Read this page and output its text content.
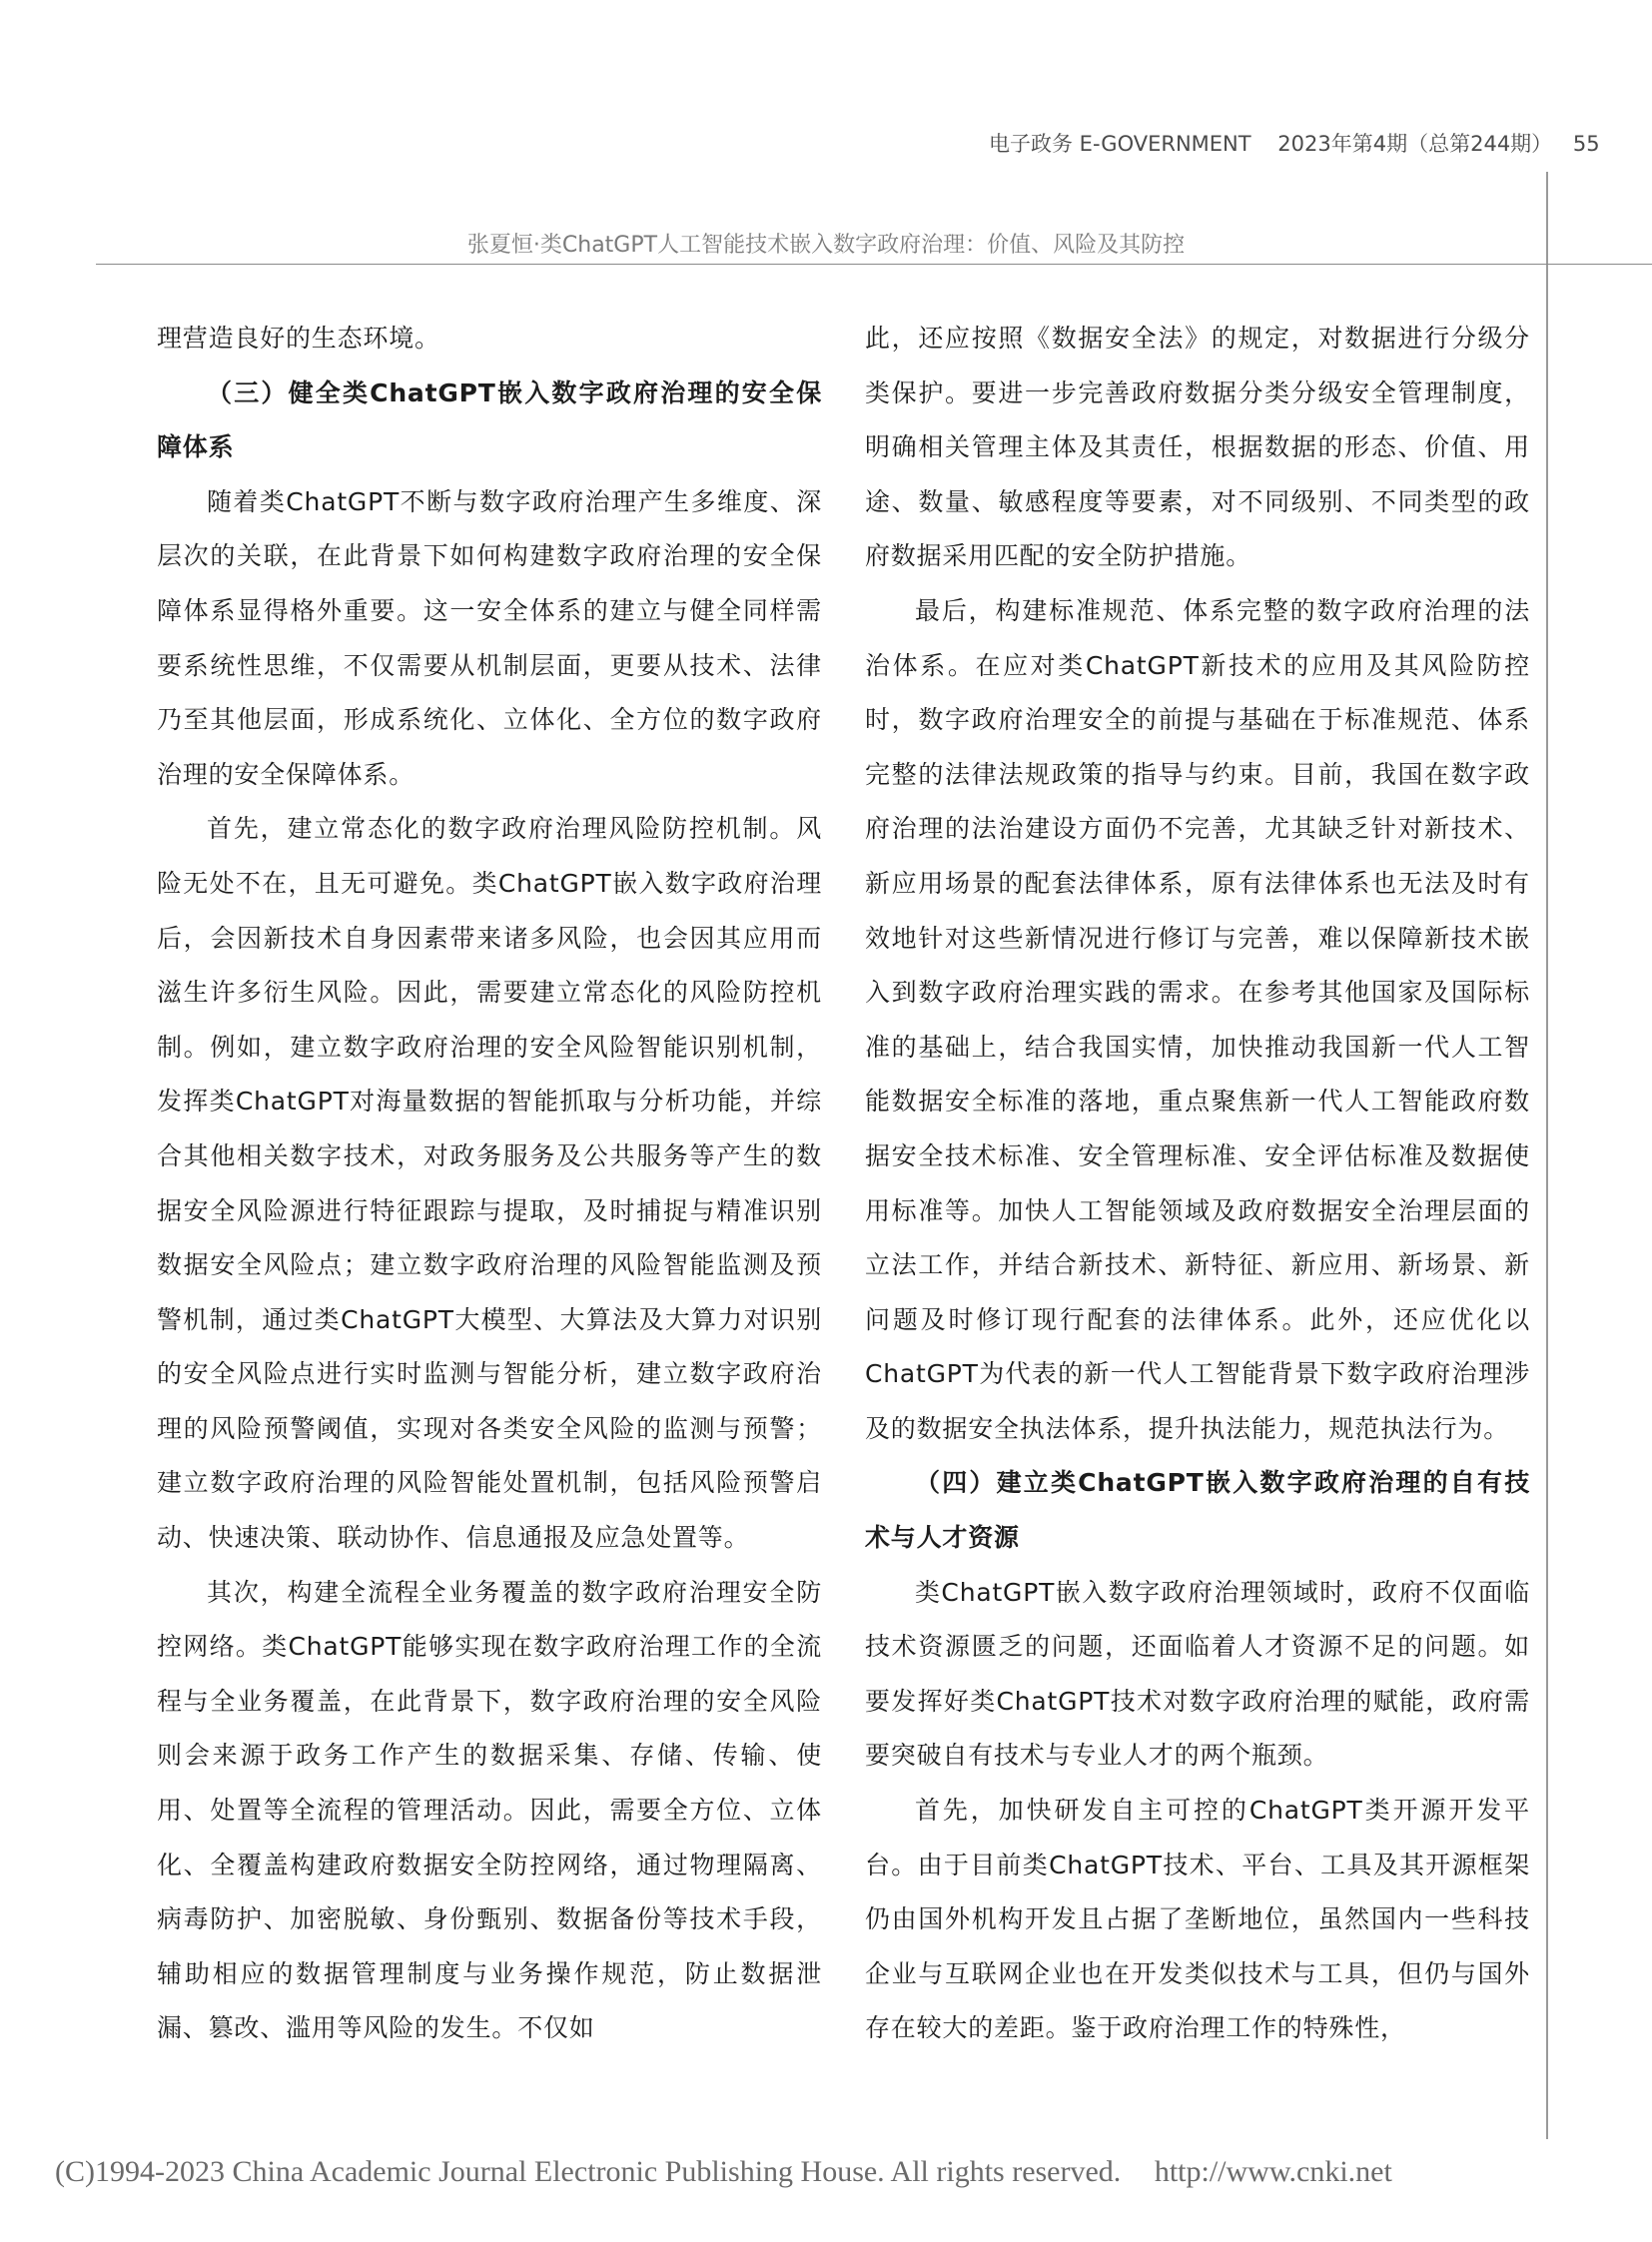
电子政务 E-GOVERNMENT 2023年第4期（总第244期） 55
张夏恒·类ChatGPT人工智能技术嵌入数字政府治理：价值、风险及其防控

理营造良好的生态环境。

（三）健全类ChatGPT嵌入数字政府治理的安全保障体系

随着类ChatGPT不断与数字政府治理产生多维度、深层次的关联，在此背景下如何构建数字政府治理的安全保障体系显得格外重要。这一安全体系的建立与健全同样需要系统性思维，不仅需要从机制层面，更要从技术、法律乃至其他层面，形成系统化、立体化、全方位的数字政府治理的安全保障体系。

首先，建立常态化的数字政府治理风险防控机制。风险无处不在，且无可避免。类ChatGPT嵌入数字政府治理后，会因新技术自身因素带来诸多风险，也会因其应用而滋生许多衍生风险。因此，需要建立常态化的风险防控机制。例如，建立数字政府治理的安全风险智能识别机制，发挥类ChatGPT对海量数据的智能抓取与分析功能，并综合其他相关数字技术，对政务服务及公共服务等产生的数据安全风险源进行特征跟踪与提取，及时捕捉与精准识别数据安全风险点；建立数字政府治理的风险智能监测及预警机制，通过类ChatGPT大模型、大算法及大算力对识别的安全风险点进行实时监测与智能分析，建立数字政府治理的风险预警阈值，实现对各类安全风险的监测与预警；建立数字政府治理的风险智能处置机制，包括风险预警启动、快速决策、联动协作、信息通报及应急处置等。

其次，构建全流程全业务覆盖的数字政府治理安全防控网络。类ChatGPT能够实现在数字政府治理工作的全流程与全业务覆盖，在此背景下，数字政府治理的安全风险则会来源于政务工作产生的数据采集、存储、传输、使用、处置等全流程的管理活动。因此，需要全方位、立体化、全覆盖构建政府数据安全防控网络，通过物理隔离、病毒防护、加密脱敏、身份甄别、数据备份等技术手段，辅助相应的数据管理制度与业务操作规范，防止数据泄漏、篡改、滥用等风险的发生。不仅如

此，还应按照《数据安全法》的规定，对数据进行分级分类保护。要进一步完善政府数据分类分级安全管理制度，明确相关管理主体及其责任，根据数据的形态、价值、用途、数量、敏感程度等要素，对不同级别、不同类型的政府数据采用匹配的安全防护措施。

最后，构建标准规范、体系完整的数字政府治理的法治体系。在应对类ChatGPT新技术的应用及其风险防控时，数字政府治理安全的前提与基础在于标准规范、体系完整的法律法规政策的指导与约束。目前，我国在数字政府治理的法治建设方面仍不完善，尤其缺乏针对新技术、新应用场景的配套法律体系，原有法律体系也无法及时有效地针对这些新情况进行修订与完善，难以保障新技术嵌入到数字政府治理实践的需求。在参考其他国家及国际标准的基础上，结合我国实情，加快推动我国新一代人工智能数据安全标准的落地，重点聚焦新一代人工智能政府数据安全技术标准、安全管理标准、安全评估标准及数据使用标准等。加快人工智能领域及政府数据安全治理层面的立法工作，并结合新技术、新特征、新应用、新场景、新问题及时修订现行配套的法律体系。此外，还应优化以ChatGPT为代表的新一代人工智能背景下数字政府治理涉及的数据安全执法体系，提升执法能力，规范执法行为。

（四）建立类ChatGPT嵌入数字政府治理的自有技术与人才资源

类ChatGPT嵌入数字政府治理领域时，政府不仅面临技术资源匮乏的问题，还面临着人才资源不足的问题。如要发挥好类ChatGPT技术对数字政府治理的赋能，政府需要突破自有技术与专业人才的两个瓶颈。

首先，加快研发自主可控的ChatGPT类开源开发平台。由于目前类ChatGPT技术、平台、工具及其开源框架仍由国外机构开发且占据了垄断地位，虽然国内一些科技企业与互联网企业也在开发类似技术与工具，但仍与国外存在较大的差距。鉴于政府治理工作的特殊性，

(C)1994-2023 China Academic Journal Electronic Publishing House. All rights reserved. http://www.cnki.net
